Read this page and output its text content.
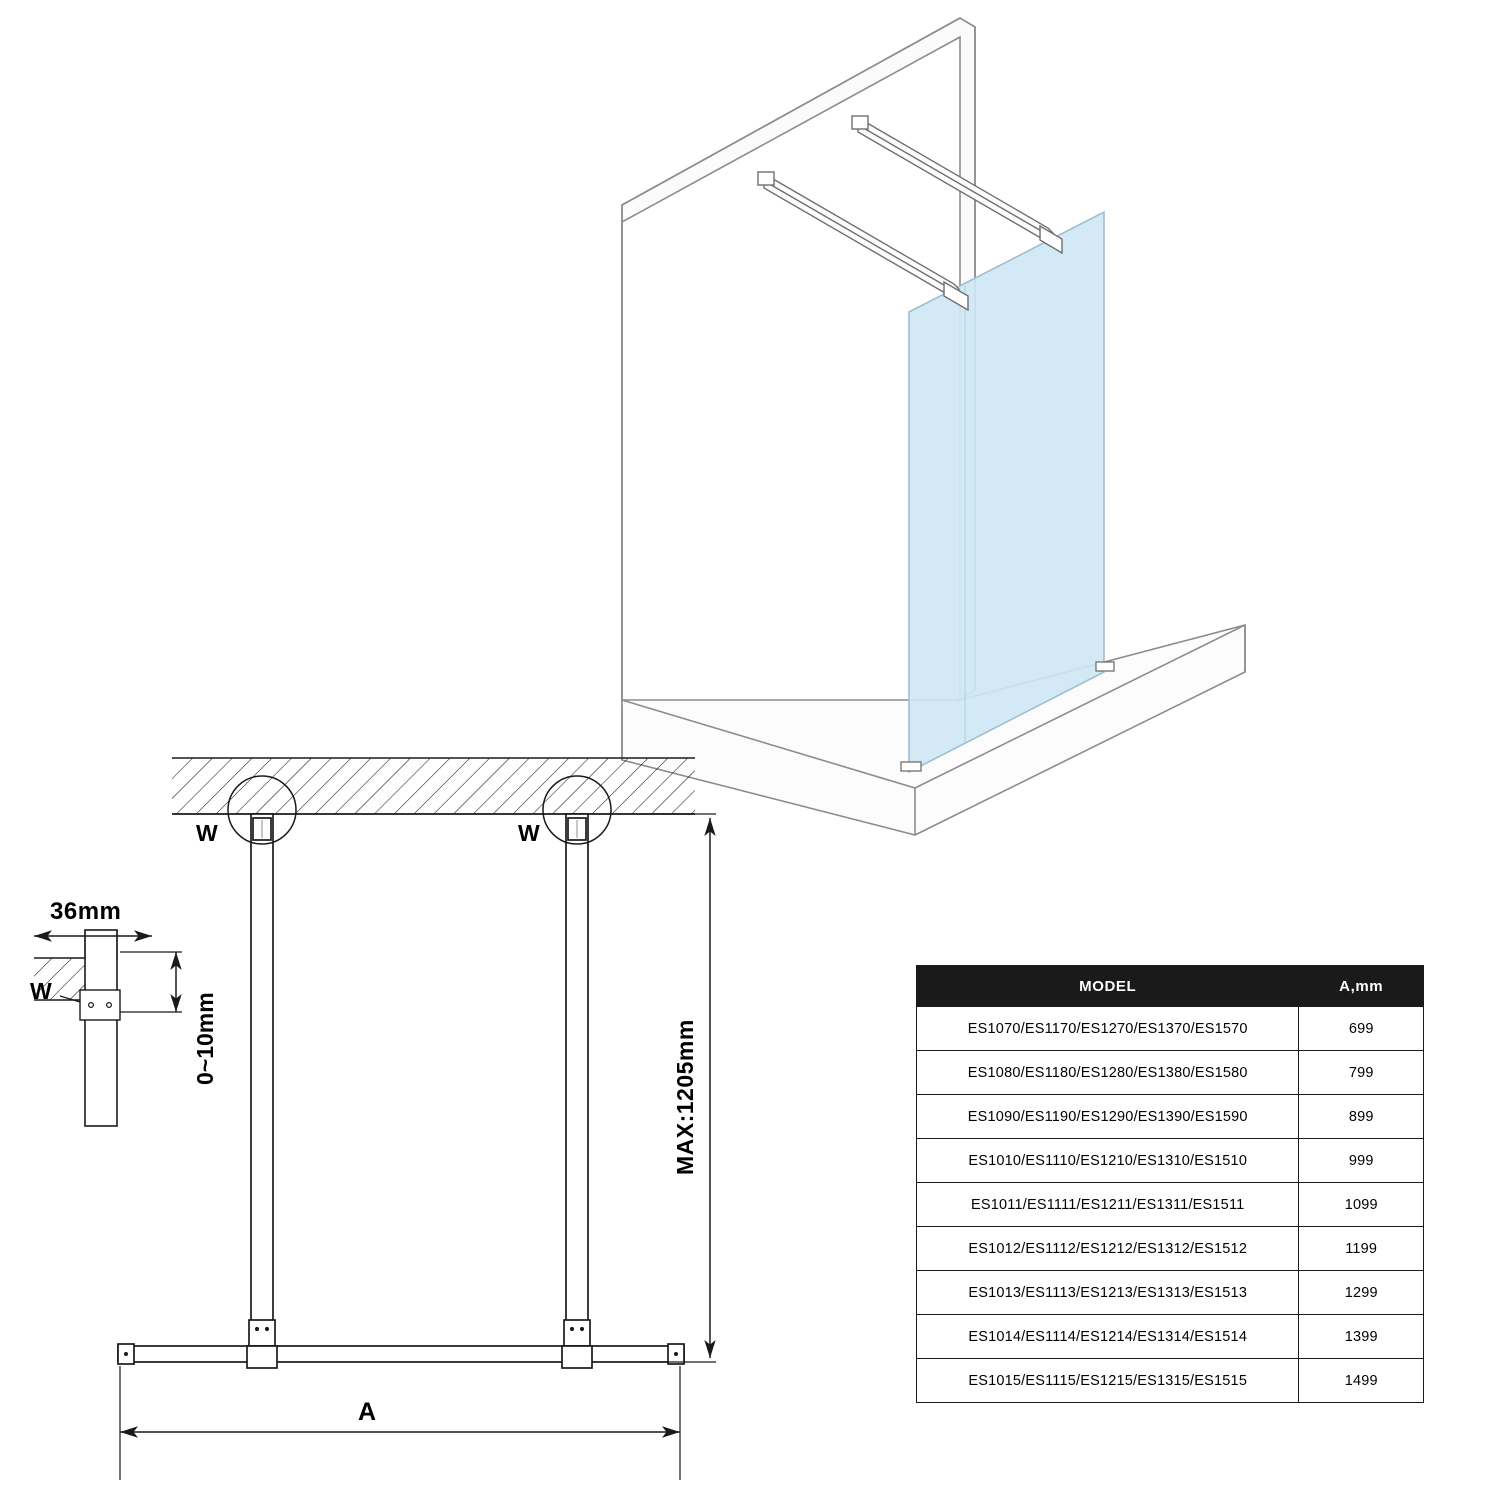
36mm
0~10mm
W	W
W
MAX:1205mm
A
MODEL	A,mm
ES1070/ES1170/ES1270/ES1370/ES1570	699
ES1080/ES1180/ES1280/ES1380/ES1580	799
ES1090/ES1190/ES1290/ES1390/ES1590	899
ES1010/ES1110/ES1210/ES1310/ES1510	999
ES1011/ES1111/ES1211/ES1311/ES1511	1099
ES1012/ES1112/ES1212/ES1312/ES1512	1199
ES1013/ES1113/ES1213/ES1313/ES1513	1299
ES1014/ES1114/ES1214/ES1314/ES1514	1399
ES1015/ES1115/ES1215/ES1315/ES1515	1499
